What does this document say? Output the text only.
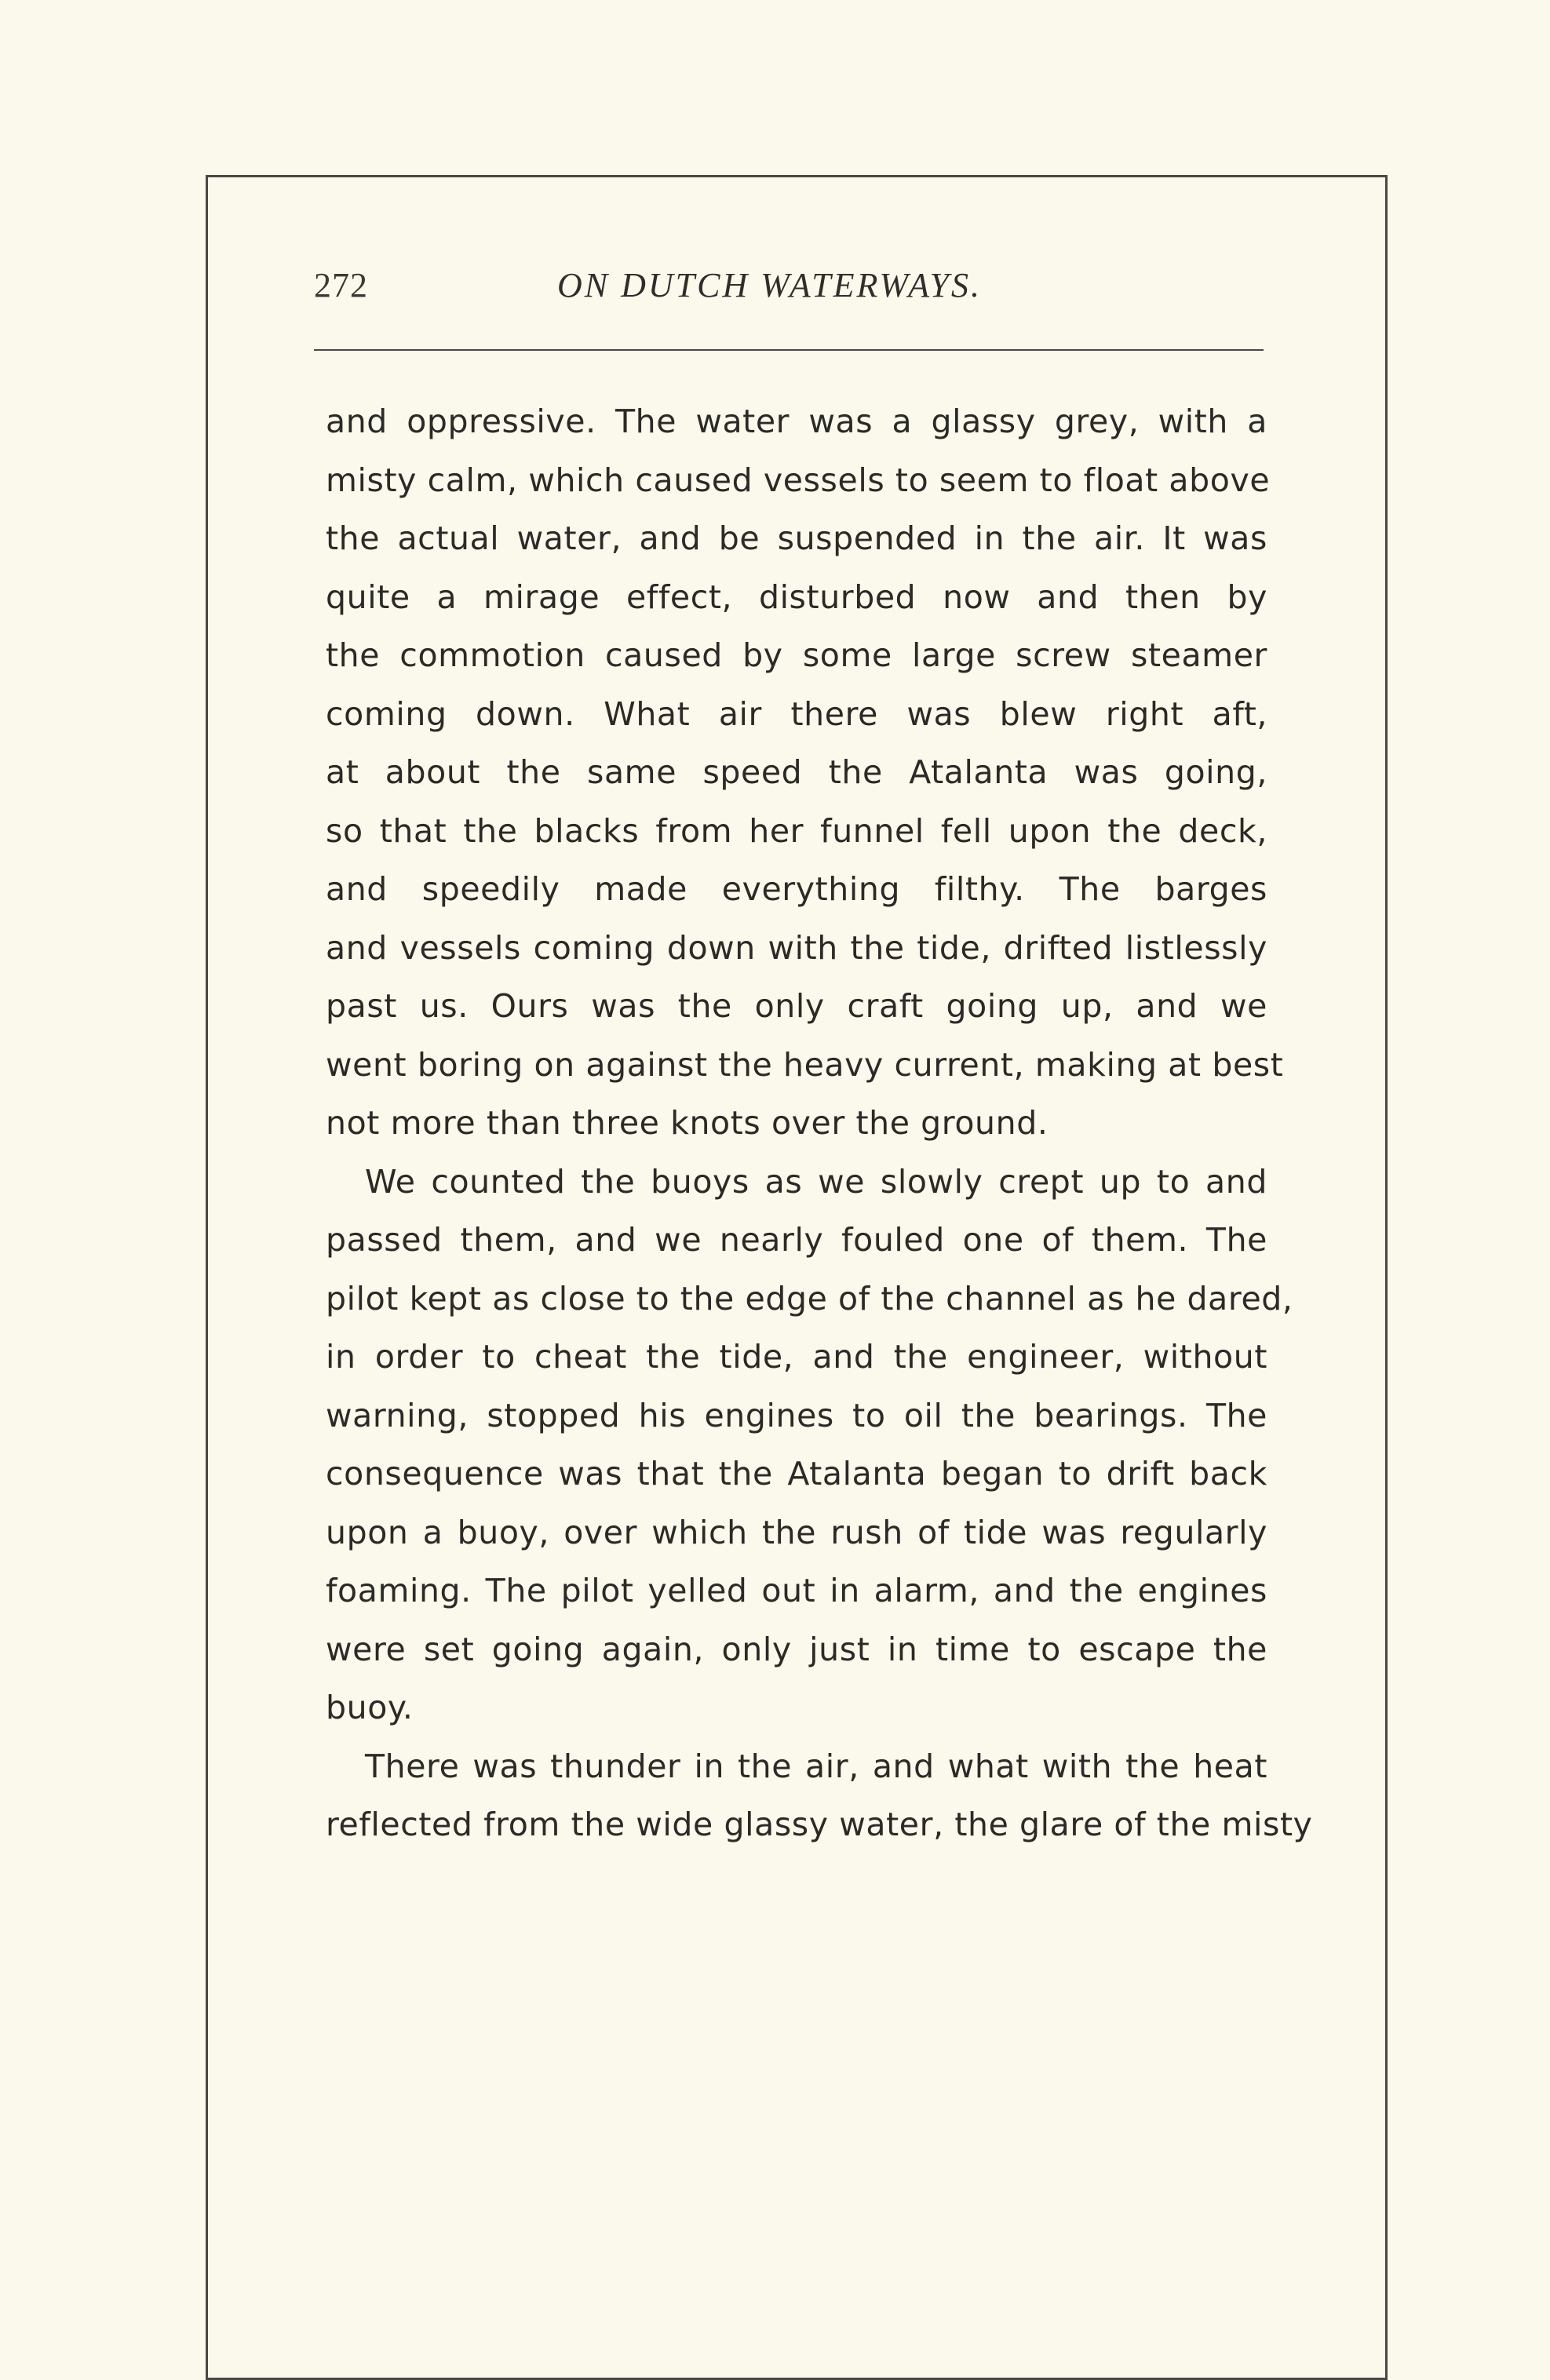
272	ON DUTCH WATERWAYS.
and oppressive. The water was a glassy grey, with a
misty calm, which caused vessels to seem to float above
the actual water, and be suspended in the air. It was
quite a mirage effect, disturbed now and then by
the commotion caused by some large screw steamer
coming down. What air there was blew right aft,
at about the same speed the Atalanta was going,
so that the blacks from her funnel fell upon the deck,
and speedily made everything filthy. The barges
and vessels coming down with the tide, drifted listlessly
past us. Ours was the only craft going up, and we
went boring on against the heavy current, making at best
not more than three knots over the ground.
We counted the buoys as we slowly crept up to and
passed them, and we nearly fouled one of them. The
pilot kept as close to the edge of the channel as he dared,
in order to cheat the tide, and the engineer, without
warning, stopped his engines to oil the bearings. The
consequence was that the Atalanta began to drift back
upon a buoy, over which the rush of tide was regularly
foaming. The pilot yelled out in alarm, and the engines
were set going again, only just in time to escape the
buoy.
There was thunder in the air, and what with the heat
reflected from the wide glassy water, the glare of the misty
